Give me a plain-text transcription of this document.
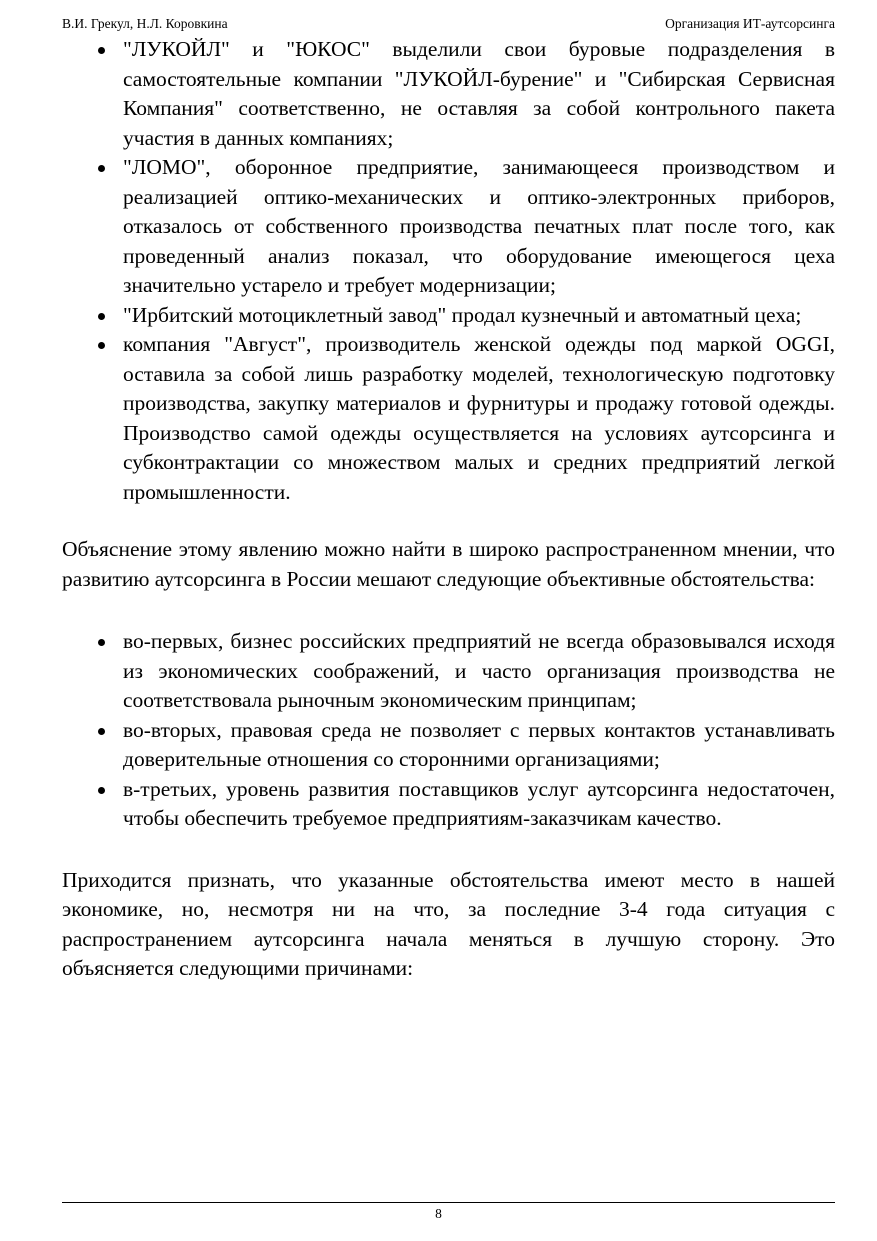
В.И. Грекул, Н.Л. Коровкина	Организация ИТ-аутсорсинга
"ЛУКОЙЛ" и "ЮКОС" выделили свои буровые подразделения в самостоятельные компании "ЛУКОЙЛ-бурение" и "Сибирская Сервисная Компания" соответственно, не оставляя за собой контрольного пакета участия в данных компаниях;
"ЛОМО", оборонное предприятие, занимающееся производством и реализацией оптико-механических и оптико-электронных приборов, отказалось от собственного производства печатных плат после того, как проведенный анализ показал, что оборудование имеющегося цеха значительно устарело и требует модернизации;
"Ирбитский мотоциклетный завод" продал кузнечный и автоматный цеха;
компания "Август", производитель женской одежды под маркой OGGI, оставила за собой лишь разработку моделей, технологическую подготовку производства, закупку материалов и фурнитуры и продажу готовой одежды. Производство самой одежды осуществляется на условиях аутсорсинга и субконтрактации со множеством малых и средних предприятий легкой промышленности.

Объяснение этому явлению можно найти в широко распространенном мнении, что развитию аутсорсинга в России мешают следующие объективные обстоятельства:

во-первых, бизнес российских предприятий не всегда образовывался исходя из экономических соображений, и часто организация производства не соответствовала рыночным экономическим принципам;
во-вторых, правовая среда не позволяет с первых контактов устанавливать доверительные отношения со сторонними организациями;
в-третьих, уровень развития поставщиков услуг аутсорсинга недостаточен, чтобы обеспечить требуемое предприятиям-заказчикам качество.

Приходится признать, что указанные обстоятельства имеют место в нашей экономике, но, несмотря ни на что, за последние 3-4 года ситуация с распространением аутсорсинга начала меняться в лучшую сторону. Это объясняется следующими причинами:

8
